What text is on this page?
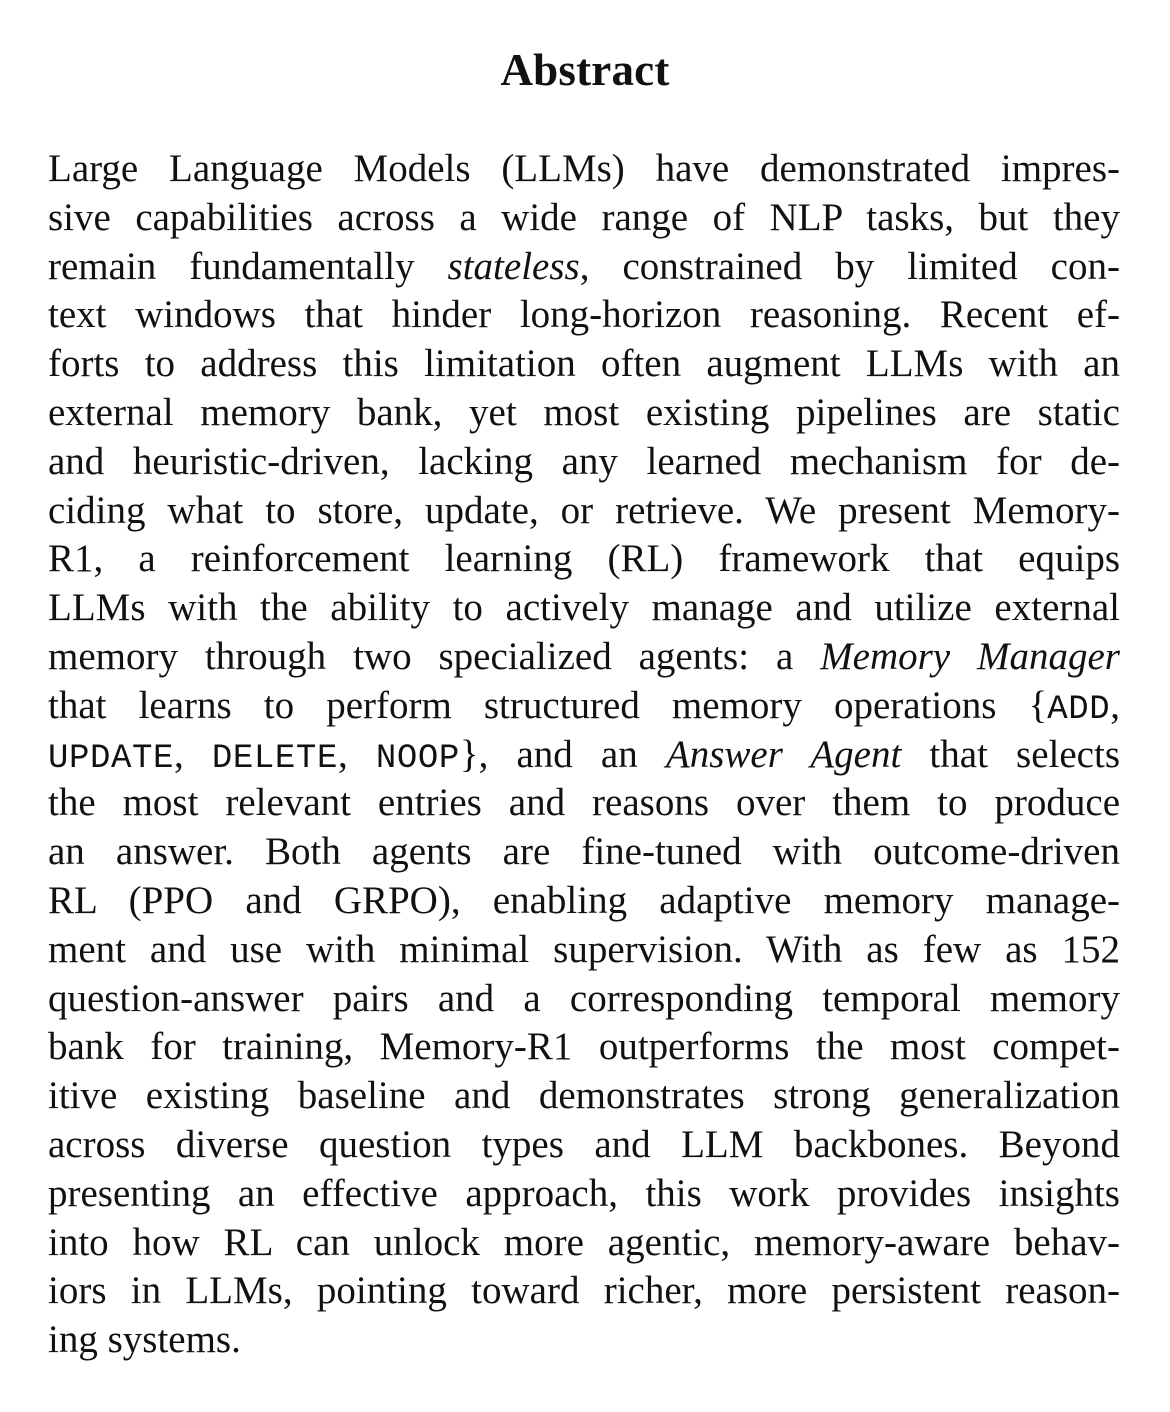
Abstract
Large Language Models (LLMs) have demonstrated impres-
sive capabilities across a wide range of NLP tasks, but they
remain fundamentally stateless, constrained by limited con-
text windows that hinder long-horizon reasoning. Recent ef-
forts to address this limitation often augment LLMs with an
external memory bank, yet most existing pipelines are static
and heuristic-driven, lacking any learned mechanism for de-
ciding what to store, update, or retrieve. We present Memory-
R1, a reinforcement learning (RL) framework that equips
LLMs with the ability to actively manage and utilize external
memory through two specialized agents: a Memory Manager
that learns to perform structured memory operations {ADD,
UPDATE, DELETE, NOOP}, and an Answer Agent that selects
the most relevant entries and reasons over them to produce
an answer. Both agents are fine-tuned with outcome-driven
RL (PPO and GRPO), enabling adaptive memory manage-
ment and use with minimal supervision. With as few as 152
question-answer pairs and a corresponding temporal memory
bank for training, Memory-R1 outperforms the most compet-
itive existing baseline and demonstrates strong generalization
across diverse question types and LLM backbones. Beyond
presenting an effective approach, this work provides insights
into how RL can unlock more agentic, memory-aware behav-
iors in LLMs, pointing toward richer, more persistent reason-
ing systems.
